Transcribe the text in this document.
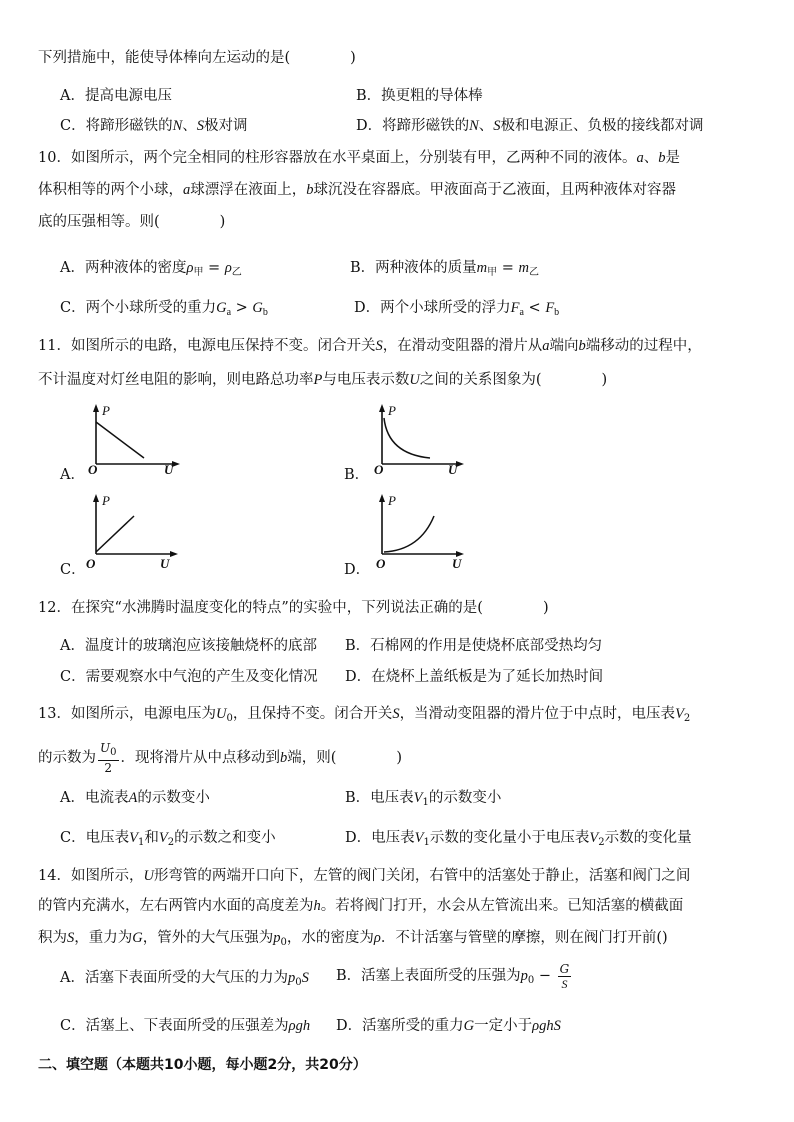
下列措施中，能使导体棒向左运动的是(	)
A．提高电源电压	B．换更粗的导体棒
C．将蹄形磁铁的N、S极对调	D．将蹄形磁铁的N、S极和电源正、负极的接线都对调
10．如图所示，两个完全相同的柱形容器放在水平桌面上，分别装有甲，乙两种不同的液体。a、b是
体积相等的两个小球，a球漂浮在液面上，b球沉没在容器底。甲液面高于乙液面，且两种液体对容器
底的压强相等。则(	)
A．两种液体的密度$\rho_甲 = \rho_乙$	B．两种液体的质量$m_甲 = m_乙$
C．两个小球所受的重力$G_a > G_b$	D．两个小球所受的浮力$F_a < F_b$
11．如图所示的电路，电源电压保持不变。闭合开关S，在滑动变阻器的滑片从a端向b端移动的过程中，
不计温度对灯丝电阻的影响，则电路总功率P与电压表示数U之间的关系图象为(	)
A．
P
O	U	B．
P
O	U
C．
P
O	U	D．
P
O	U
12．在探究“水沸腾时温度变化的特点”的实验中，下列说法正确的是(	)
A．温度计的玻璃泡应该接触烧杯的底部 B．石棉网的作用是使烧杯底部受热均匀
C．需要观察水中气泡的产生及变化情况 D．在烧杯上盖纸板是为了延长加热时间
13．如图所示，电源电压为$U_0$，且保持不变。闭合开关S，当滑动变阻器的滑片位于中点时，电压表$V_2$
的示数为 $\frac{U_0}{2}$ ．现将滑片从中点移动到b端，则(	)
A．电流表A的示数变小	B．电压表$V_1$的示数变小
C．电压表$V_1$和$V_2$的示数之和变小	D．电压表$V_1$示数的变化量小于电压表$V_2$示数的变化量
14．如图所示，U形弯管的两端开口向下，左管的阀门关闭，右管中的活塞处于静止，活塞和阀门之间
的管内充满水，左右两管内水面的高度差为h。若将阀门打开，水会从左管流出来。已知活塞的横截面
积为S，重力为G，管外的大气压强为$p_0$，水的密度为ρ．不计活塞与管壁的摩擦，则在阀门打开前()
A．活塞下表面所受的大气压的力为$p_0S$ B．活塞上表面所受的压强为$p_0 - \frac{G}{S}$
C．活塞上、下表面所受的压强差为ρgh D．活塞所受的重力G一定小于ρghS
二、填空题（本题共10小题，每小题2分，共20分）
